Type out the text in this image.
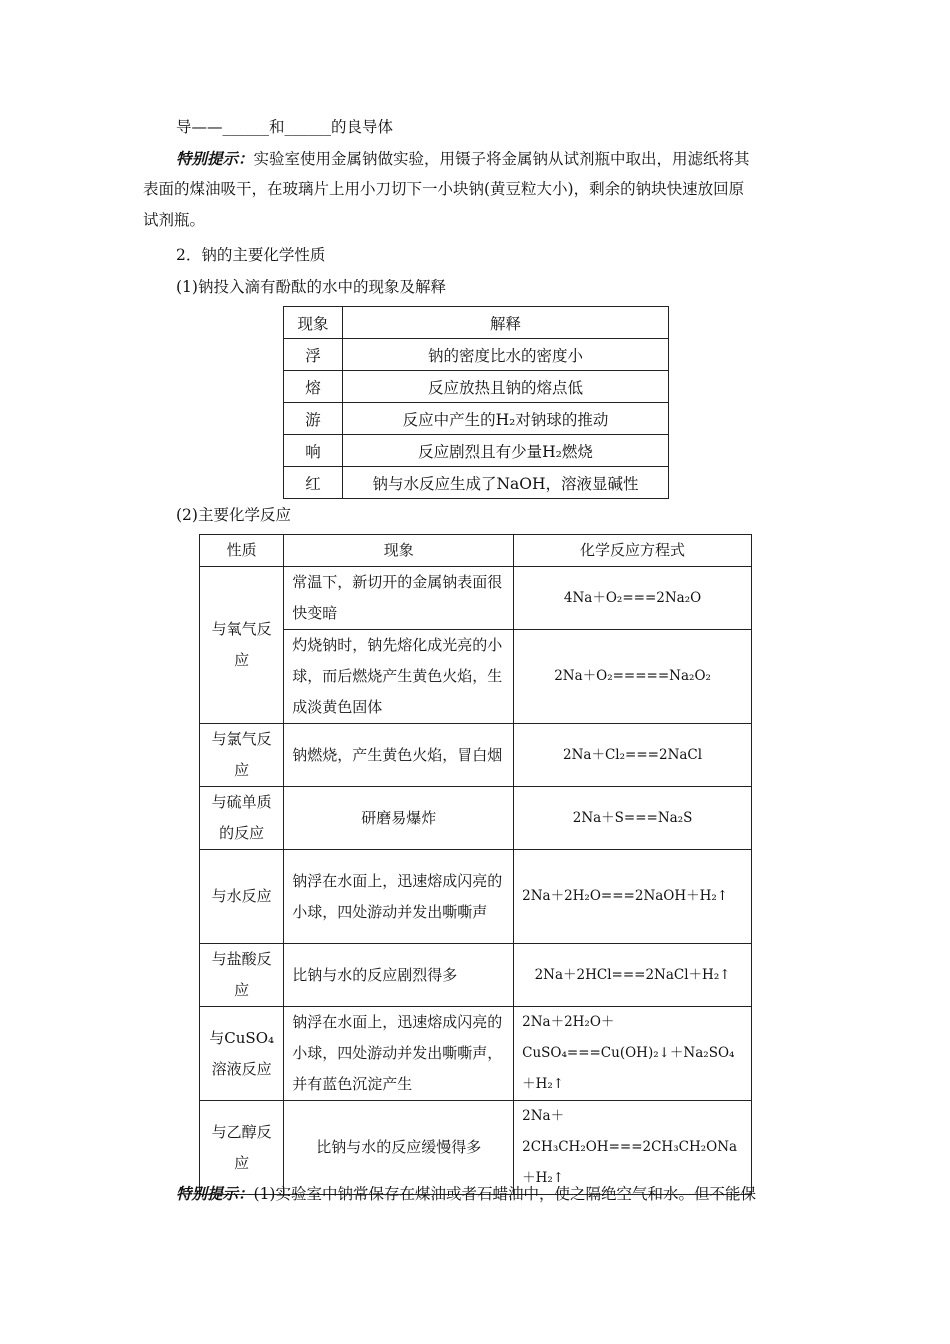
导——______和______的良导体
特别提示：实验室使用金属钠做实验，用镊子将金属钠从试剂瓶中取出，用滤纸将其
表面的煤油吸干，在玻璃片上用小刀切下一小块钠(黄豆粒大小)，剩余的钠块快速放回原
试剂瓶。
2．钠的主要化学性质
(1)钠投入滴有酚酞的水中的现象及解释
现象	解释
浮	钠的密度比水的密度小
熔	反应放热且钠的熔点低
游	反应中产生的H₂对钠球的推动
响	反应剧烈且有少量H₂燃烧
红	钠与水反应生成了NaOH，溶液显碱性
(2)主要化学反应
性质	现象	化学反应方程式
与氧气反应	常温下，新切开的金属钠表面很快变暗	4Na＋O₂===2Na₂O
	灼烧钠时，钠先熔化成光亮的小球，而后燃烧产生黄色火焰，生成淡黄色固体	2Na＋O₂=====Na₂O₂
与氯气反应	钠燃烧，产生黄色火焰，冒白烟	2Na＋Cl₂===2NaCl
与硫单质的反应	研磨易爆炸	2Na＋S===Na₂S
与水反应	钠浮在水面上，迅速熔成闪亮的小球，四处游动并发出嘶嘶声	2Na＋2H₂O===2NaOH＋H₂↑
与盐酸反应	比钠与水的反应剧烈得多	2Na＋2HCl===2NaCl＋H₂↑
与CuSO₄溶液反应	钠浮在水面上，迅速熔成闪亮的小球，四处游动并发出嘶嘶声，并有蓝色沉淀产生	2Na＋2H₂O＋CuSO₄===Cu(OH)₂↓＋Na₂SO₄＋H₂↑
与乙醇反应	比钠与水的反应缓慢得多	2Na＋2CH₃CH₂OH===2CH₃CH₂ONa＋H₂↑
特别提示：(1)实验室中钠常保存在煤油或者石蜡油中，使之隔绝空气和水。但不能保
